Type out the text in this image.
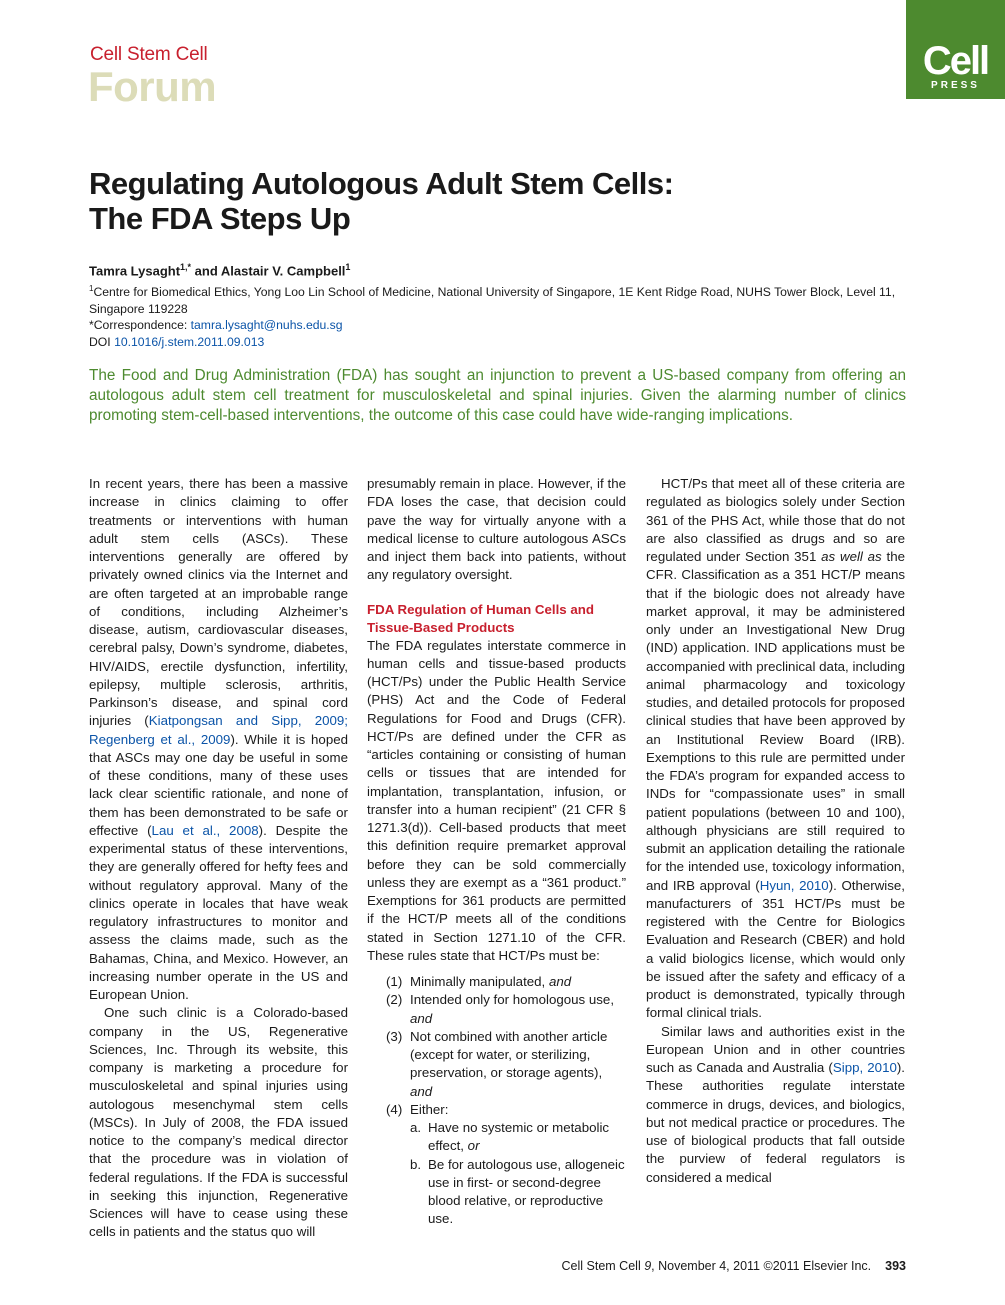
Cell Stem Cell
Forum
Cell
PRESS
Regulating Autologous Adult Stem Cells:
The FDA Steps Up
Tamra Lysaght$^{1,*}$ and Alastair V. Campbell$^1$
$^1$Centre for Biomedical Ethics, Yong Loo Lin School of Medicine, National University of Singapore, 1E Kent Ridge Road, NUHS Tower Block, Level 11, Singapore 119228
*Correspondence: tamra.lysaght@nuhs.edu.sg
DOI 10.1016/j.stem.2011.09.013
The Food and Drug Administration (FDA) has sought an injunction to prevent a US-based company from offering an autologous adult stem cell treatment for musculoskeletal and spinal injuries. Given the alarming number of clinics promoting stem-cell-based interventions, the outcome of this case could have wide-ranging implications.

In recent years, there has been a massive increase in clinics claiming to offer treatments or interventions with human adult stem cells (ASCs). These interventions generally are offered by privately owned clinics via the Internet and are often targeted at an improbable range of conditions, including Alzheimer’s disease, autism, cardiovascular diseases, cerebral palsy, Down’s syndrome, diabetes, HIV/AIDS, erectile dysfunction, infertility, epilepsy, multiple sclerosis, arthritis, Parkinson’s disease, and spinal cord injuries (Kiatpongsan and Sipp, 2009; Regenberg et al., 2009). While it is hoped that ASCs may one day be useful in some of these conditions, many of these uses lack clear scientific rationale, and none of them has been demonstrated to be safe or effective (Lau et al., 2008). Despite the experimental status of these interventions, they are generally offered for hefty fees and without regulatory approval. Many of the clinics operate in locales that have weak regulatory infrastructures to monitor and assess the claims made, such as the Bahamas, China, and Mexico. However, an increasing number operate in the US and European Union.

One such clinic is a Colorado-based company in the US, Regenerative Sciences, Inc. Through its website, this company is marketing a procedure for musculoskeletal and spinal injuries using autologous mesenchymal stem cells (MSCs). In July of 2008, the FDA issued notice to the company’s medical director that the procedure was in violation of federal regulations. If the FDA is successful in seeking this injunction, Regenerative Sciences will have to cease using these cells in patients and the status quo will

presumably remain in place. However, if the FDA loses the case, that decision could pave the way for virtually anyone with a medical license to culture autologous ASCs and inject them back into patients, without any regulatory oversight.

FDA Regulation of Human Cells and Tissue-Based Products

The FDA regulates interstate commerce in human cells and tissue-based products (HCT/Ps) under the Public Health Service (PHS) Act and the Code of Federal Regulations for Food and Drugs (CFR). HCT/Ps are defined under the CFR as “articles containing or consisting of human cells or tissues that are intended for implantation, transplantation, infusion, or transfer into a human recipient” (21 CFR § 1271.3(d)). Cell-based products that meet this definition require premarket approval before they can be sold commercially unless they are exempt as a “361 product.” Exemptions for 361 products are permitted if the HCT/P meets all of the conditions stated in Section 1271.10 of the CFR. These rules state that HCT/Ps must be:

(1) Minimally manipulated, and
(2) Intended only for homologous use, and
(3) Not combined with another article (except for water, or sterilizing, preservation, or storage agents), and
(4) Either:
a. Have no systemic or metabolic effect, or
b. Be for autologous use, allogeneic use in first- or second-degree blood relative, or reproductive use.

HCT/Ps that meet all of these criteria are regulated as biologics solely under Section 361 of the PHS Act, while those that do not are also classified as drugs and so are regulated under Section 351 as well as the CFR. Classification as a 351 HCT/P means that if the biologic does not already have market approval, it may be administered only under an Investigational New Drug (IND) application. IND applications must be accompanied with preclinical data, including animal pharmacology and toxicology studies, and detailed protocols for proposed clinical studies that have been approved by an Institutional Review Board (IRB). Exemptions to this rule are permitted under the FDA’s program for expanded access to INDs for “compassionate uses” in small patient populations (between 10 and 100), although physicians are still required to submit an application detailing the rationale for the intended use, toxicology information, and IRB approval (Hyun, 2010). Otherwise, manufacturers of 351 HCT/Ps must be registered with the Centre for Biologics Evaluation and Research (CBER) and hold a valid biologics license, which would only be issued after the safety and efficacy of a product is demonstrated, typically through formal clinical trials.

Similar laws and authorities exist in the European Union and in other countries such as Canada and Australia (Sipp, 2010). These authorities regulate interstate commerce in drugs, devices, and biologics, but not medical practice or procedures. The use of biological products that fall outside the purview of federal regulators is considered a medical

Cell Stem Cell 9, November 4, 2011 ©2011 Elsevier Inc. 393
